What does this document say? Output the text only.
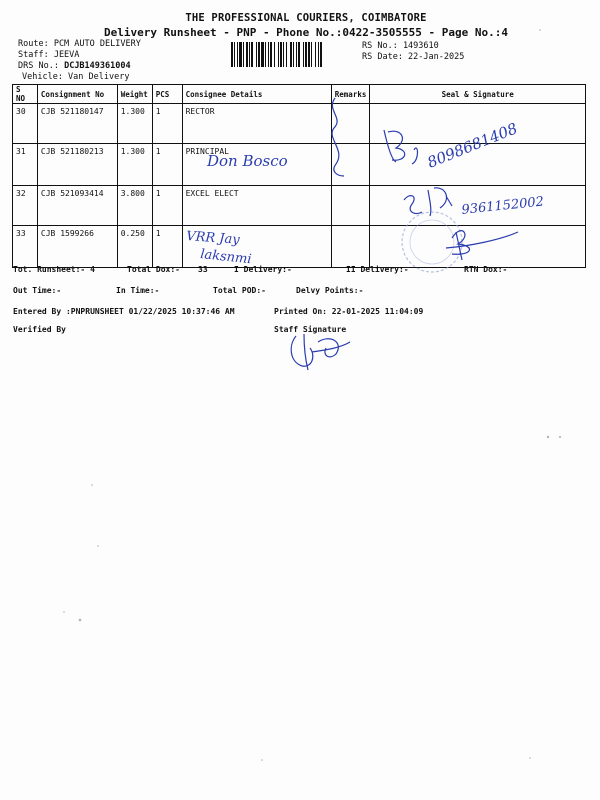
THE PROFESSIONAL COURIERS, COIMBATORE
Delivery Runsheet - PNP - Phone No.:0422-3505555 - Page No.:4
Route: PCM AUTO DELIVERY
Staff: JEEVA
DRS No.: DCJB149361004
Vehicle: Van Delivery
RS No.: 1493610
RS Date: 22-Jan-2025
S NO	Consignment No	Weight	PCS	Consignee Details	Remarks	Seal & Signature
30	CJB 521180147	1.300	1	RECTOR		
31	CJB 521180213	1.300	1	PRINCIPAL		
32	CJB 521093414	3.800	1	EXCEL ELECT		
33	CJB 1599266	0.250	1			
Tot. Runsheet:- 4	Total Dox:- 33	I Delivery:-	II Delivery:-	RTN Dox:-
Out Time:-	In Time:-	Total POD:-	Delvy Points:-
Entered By :PNPRUNSHEET 01/22/2025 10:37:46 AM	Printed On: 22-01-2025 11:04:09
Verified By	Staff Signature
8098681408
Don Bosco
9361152002
VRR Jay
laksnmi
